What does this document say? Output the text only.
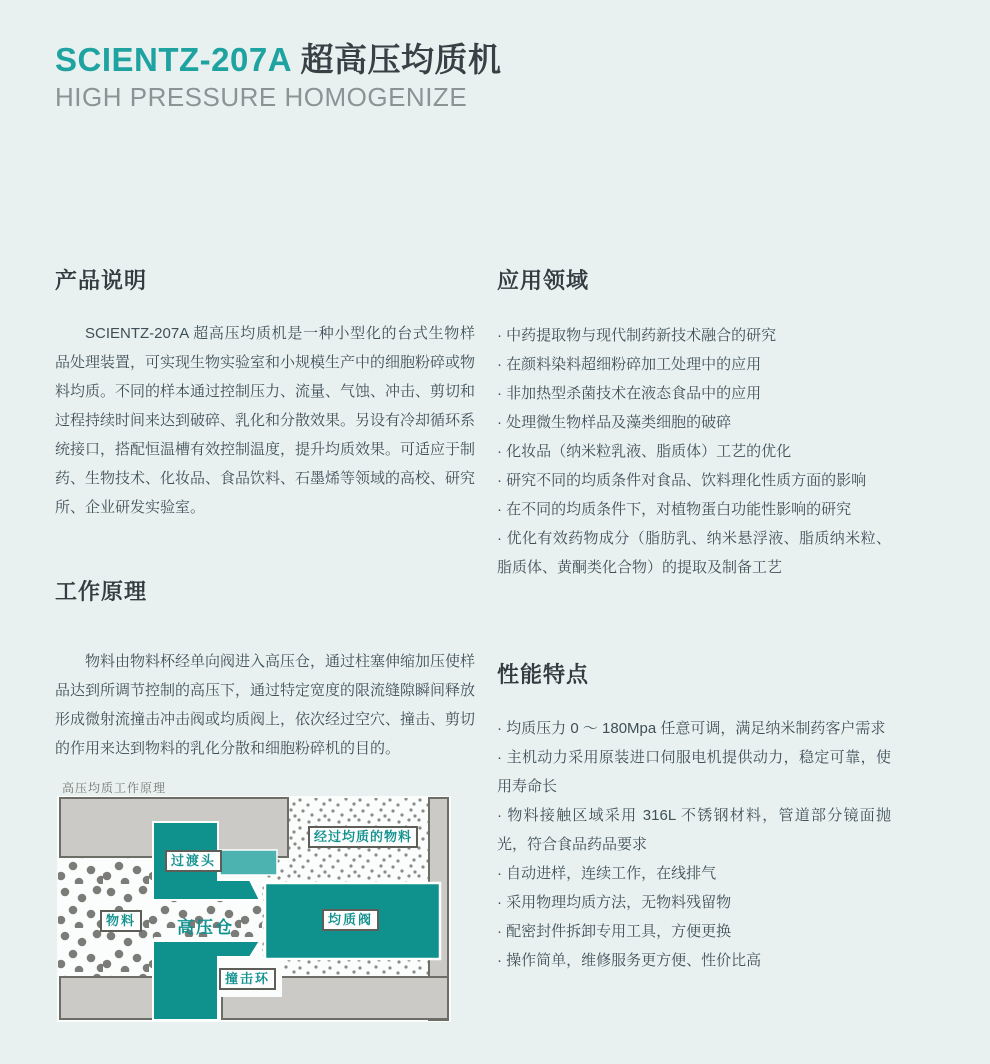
SCIENTZ-207A 超高压均质机
HIGH PRESSURE HOMOGENIZE
产品说明
SCIENTZ-207A 超高压均质机是一种小型化的台式生物样品处理装置，可实现生物实验室和小规模生产中的细胞粉碎或物料均质。不同的样本通过控制压力、流量、气蚀、冲击、剪切和过程持续时间来达到破碎、乳化和分散效果。另设有冷却循环系统接口，搭配恒温槽有效控制温度，提升均质效果。可适应于制药、生物技术、化妆品、食品饮料、石墨烯等领域的高校、研究所、企业研发实验室。
工作原理
物料由物料杯经单向阀进入高压仓，通过柱塞伸缩加压使样品达到所调节控制的高压下，通过特定宽度的限流缝隙瞬间释放形成微射流撞击冲击阀或均质阀上，依次经过空穴、撞击、剪切的作用来达到物料的乳化分散和细胞粉碎机的目的。
应用领域
· 中药提取物与现代制药新技术融合的研究
· 在颜料染料超细粉碎加工处理中的应用
· 非加热型杀菌技术在液态食品中的应用
· 处理微生物样品及藻类细胞的破碎
· 化妆品（纳米粒乳液、脂质体）工艺的优化
· 研究不同的均质条件对食品、饮料理化性质方面的影响
· 在不同的均质条件下，对植物蛋白功能性影响的研究
· 优化有效药物成分（脂肪乳、纳米悬浮液、脂质纳米粒、脂质体、黄酮类化合物）的提取及制备工艺
性能特点
· 均质压力 0 ～ 180Mpa 任意可调，满足纳米制药客户需求
· 主机动力采用原装进口伺服电机提供动力，稳定可靠，使用寿命长
· 物料接触区域采用 316L 不锈钢材料，管道部分镜面抛光，符合食品药品要求
· 自动进样，连续工作，在线排气
· 采用物理均质方法，无物料残留物
· 配密封件拆卸专用工具，方便更换
· 操作简单，维修服务更方便、性价比高
高压均质工作原理
过渡头
物料	高压仓	均质阀
撞击环
经过均质的物料
